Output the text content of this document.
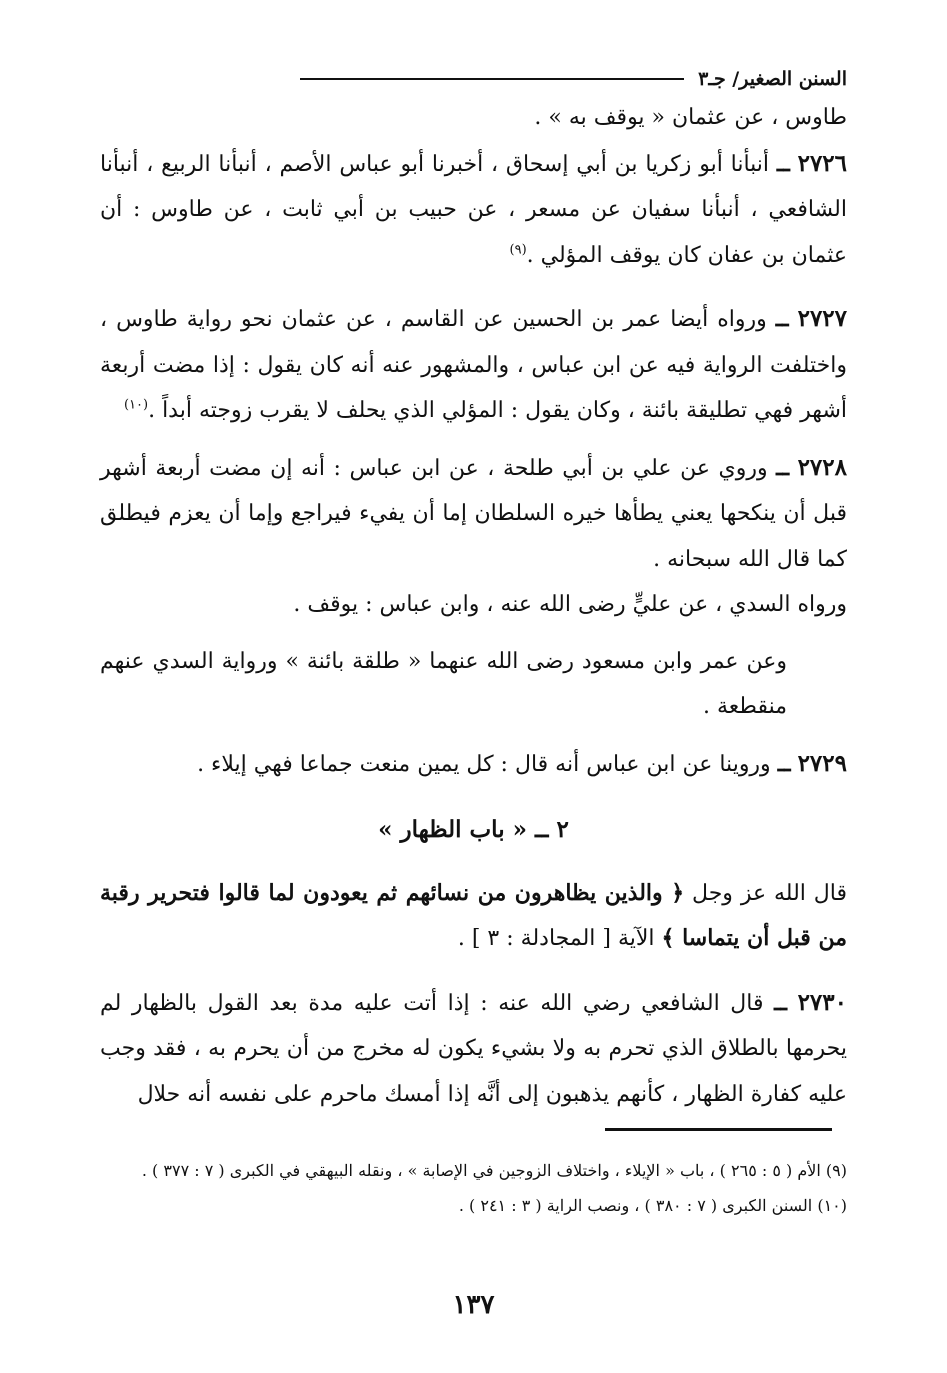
السنن الصغير/ جـ٣

طاوس ، عن عثمان « يوقف به » .

٢٧٢٦ ــ أنبأنا أبو زكريا بن أبي إسحاق ، أخبرنا أبو عباس الأصم ، أنبأنا الربيع ، أنبأنا الشافعي ، أنبأنا سفيان عن مسعر ، عن حبيب بن أبي ثابت ، عن طاوس : أن عثمان بن عفان كان يوقف المؤلي .$^{(٩)}$

٢٧٢٧ ــ ورواه أيضا عمر بن الحسين عن القاسم ، عن عثمان نحو رواية طاوس ، واختلفت الرواية فيه عن ابن عباس ، والمشهور عنه أنه كان يقول : إذا مضت أربعة أشهر فهي تطليقة بائنة ، وكان يقول : المؤلي الذي يحلف لا يقرب زوجته أبداً .$^{(١٠)}$

٢٧٢٨ ــ وروي عن علي بن أبي طلحة ، عن ابن عباس : أنه إن مضت أربعة أشهر قبل أن ينكحها يعني يطأها خيره السلطان إما أن يفيء فيراجع وإما أن يعزم فيطلق كما قال الله سبحانه .

ورواه السدي ، عن عليٍّ رضى الله عنه ، وابن عباس : يوقف .

وعن عمر وابن مسعود رضى الله عنهما « طلقة بائنة » ورواية السدي عنهم منقطعة .

٢٧٢٩ ــ وروينا عن ابن عباس أنه قال : كل يمين منعت جماعا فهي إيلاء .

٢ ــ « باب الظهار »

قال الله عز وجل ﴿ والذين يظاهرون من نسائهم ثم يعودون لما قالوا فتحرير رقبة من قبل أن يتماسا ﴾ الآية [ المجادلة : ٣ ] .

٢٧٣٠ ــ قال الشافعي رضي الله عنه : إذا أتت عليه مدة بعد القول بالظهار لم يحرمها بالطلاق الذي تحرم به ولا بشيء يكون له مخرج من أن يحرم به ، فقد وجب عليه كفارة الظهار ، كأنهم يذهبون إلى أنَّه إذا أمسك ماحرم على نفسه أنه حلال

(٩) الأم ( ٥ : ٢٦٥ ) ، باب « الإيلاء ، واختلاف الزوجين في الإصابة » ، ونقله البيهقي في الكبرى ( ٧ : ٣٧٧ ) .

(١٠) السنن الكبرى ( ٧ : ٣٨٠ ) ، ونصب الراية ( ٣ : ٢٤١ ) .

١٣٧
